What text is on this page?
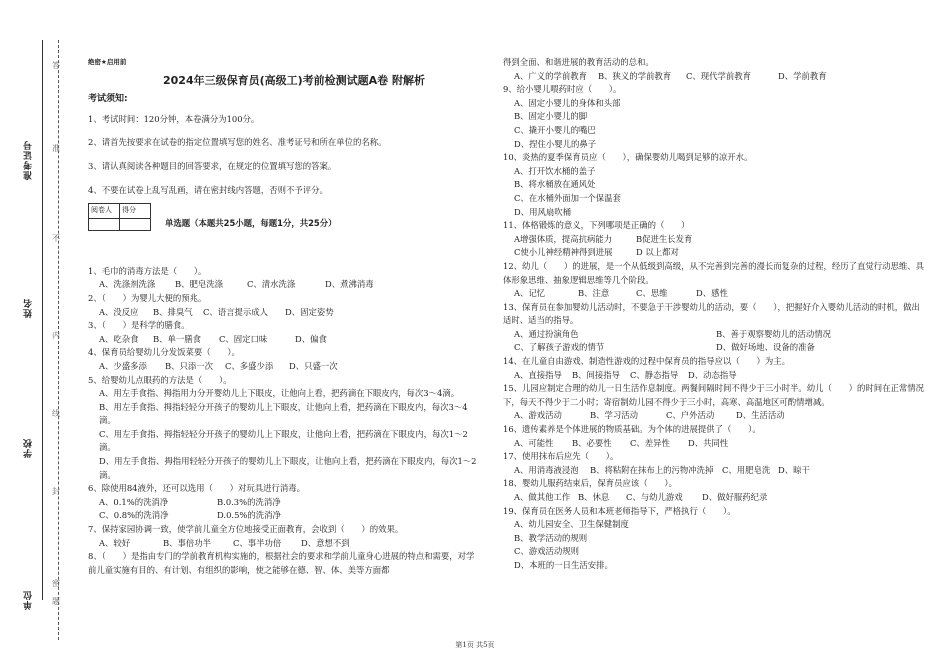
准考证号
姓名
学校
单位
答
准
不
内
线
封
密
题
绝密★启用前
2024年三级保育员(高级工)考前检测试题A卷 附解析
考试须知:

1、考试时间：120分钟，本卷满分为100分。

2、请首先按要求在试卷的指定位置填写您的姓名、准考证号和所在单位的名称。

3、请认真阅读各种题目的回答要求，在规定的位置填写您的答案。

4、不要在试卷上乱写乱画，请在密封线内答题，否则不予评分。

阅卷人	得分

单选题（本题共25小题，每题1分，共25分）

1、毛巾的消毒方法是（　　）。

A、洗涤剂洗涤	B、肥皂洗涤	C、清水洗涤	D、煮沸消毒

2、（　　）为婴儿大便的预兆。

A、没反应	B、排臭气	C、语言提示成人	D、固定姿势

3、（　　）是科学的膳食。

A、吃杂食	B、单一膳食	C、固定口味	D、偏食

4、保育员给婴幼儿分发饭菜要（　　）。

A、少盛多添	B、只添一次	C、多盛少添	D、只盛一次

5、给婴幼儿点眼药的方法是（　　）。

A、用左手食指、拇指用力分开婴幼儿上下眼皮，让他向上看，把药滴在下眼皮内，每次3～4滴。

B、用左手食指、拇指轻轻分开孩子的婴幼儿上下眼皮，让他向上看，把药滴在下眼皮内，每次3～4滴。

C、用左手食指、拇指轻轻分开孩子的婴幼儿上下眼皮，让他向上看，把药滴在下眼皮内，每次1～2滴。

D、用左手食指、拇指用轻轻分开孩子的婴幼儿上下眼皮，让他向上看，把药滴在下眼皮内，每次1～2滴。

6、除使用84液外，还可以选用（　　）对玩具进行消毒。

A、0.1%的洗消净	B.0.3%的洗消净

C、0.8%的洗消净	D.0.5%的洗消净

7、保持家园协调一致，使学前儿童全方位地接受正面教育，会收到（　　）的效果。

A、较好	B、事倍功半	C、事半功倍	D、意想不到

8、（　　）是指由专门的学前教育机构实施的，根据社会的要求和学前儿童身心进展的特点和需要，对学前儿童实施有目的、有计划、有组织的影响，使之能够在德、智、体、美等方面都

得到全面、和谐进展的教育活动的总和。

A、广义的学前教育	B、狭义的学前教育	C、现代学前教育	D、学前教育

9、给小婴儿喂药时应（　　）。

A、固定小婴儿的身体和头部

B、固定小婴儿的脚

C、撬开小婴儿的嘴巴

D、捏住小婴儿的鼻子

10、炎热的夏季保育员应（　　），确保婴幼儿喝到足够的凉开水。

A、打开饮水桶的盖子

B、将水桶放在通风处

C、在水桶外面加一个保温套

D、用风扇吹桶

11、体格锻炼的意义，下列哪项是正确的（　　）

A增强体质，提高抗病能力	B促进生长发育

C使小儿神经精神得到进展	D 以上都对

12、幼儿（　　）的进展，是一个从低级到高级，从不完善到完善的漫长而复杂的过程，经历了直觉行动思维、具体形象思维、抽象逻辑思维等几个阶段。

A、记忆	B、注意	C、思维	D、感性

13、保育员在参加婴幼儿活动时，不要急于干涉婴幼儿的活动，要（　　），把握好介入婴幼儿活动的时机，做出适时、适当的指导。

A、通过扮演角色	B、善于观察婴幼儿的活动情况

C、了解孩子游戏的情节	D、做好场地、设备的准备

14、在儿童自由游戏、制造性游戏的过程中保育员的指导应以（　　）为主。

A、直接指导	B、间接指导	C、静态指导	D、动态指导

15、儿园应制定合理的幼儿一日生活作息制度。两餐间隔时间不得少于三小时半。幼儿（　　）的时间在正常情况下，每天不得少于二小时；寄宿制幼儿园不得少于三小时，高寒、高温地区可酌情增减。

A、游戏活动	B、学习活动	C、户外活动	D、生活活动

16、遗传素养是个体进展的物质基础。为个体的进展提供了（　　）。

A、可能性	B、必要性	C、差异性	D、共同性

17、使用抹布后应先（　　）。

A、用消毒液浸泡	B、将粘附在抹布上的污物冲洗掉	C、用肥皂洗 D、晾干

18、婴幼儿服药结束后，保育员应该（　　）。

A、做其他工作 B、休息	C、与幼儿游戏	D、做好服药纪录

19、保育员在医务人员和本班老师指导下，严格执行（　　）。

A、幼儿园安全、卫生保健制度

B、教学活动的规则

C、游戏活动规则

D、本班的一日生活安排。

第1页 共5页
